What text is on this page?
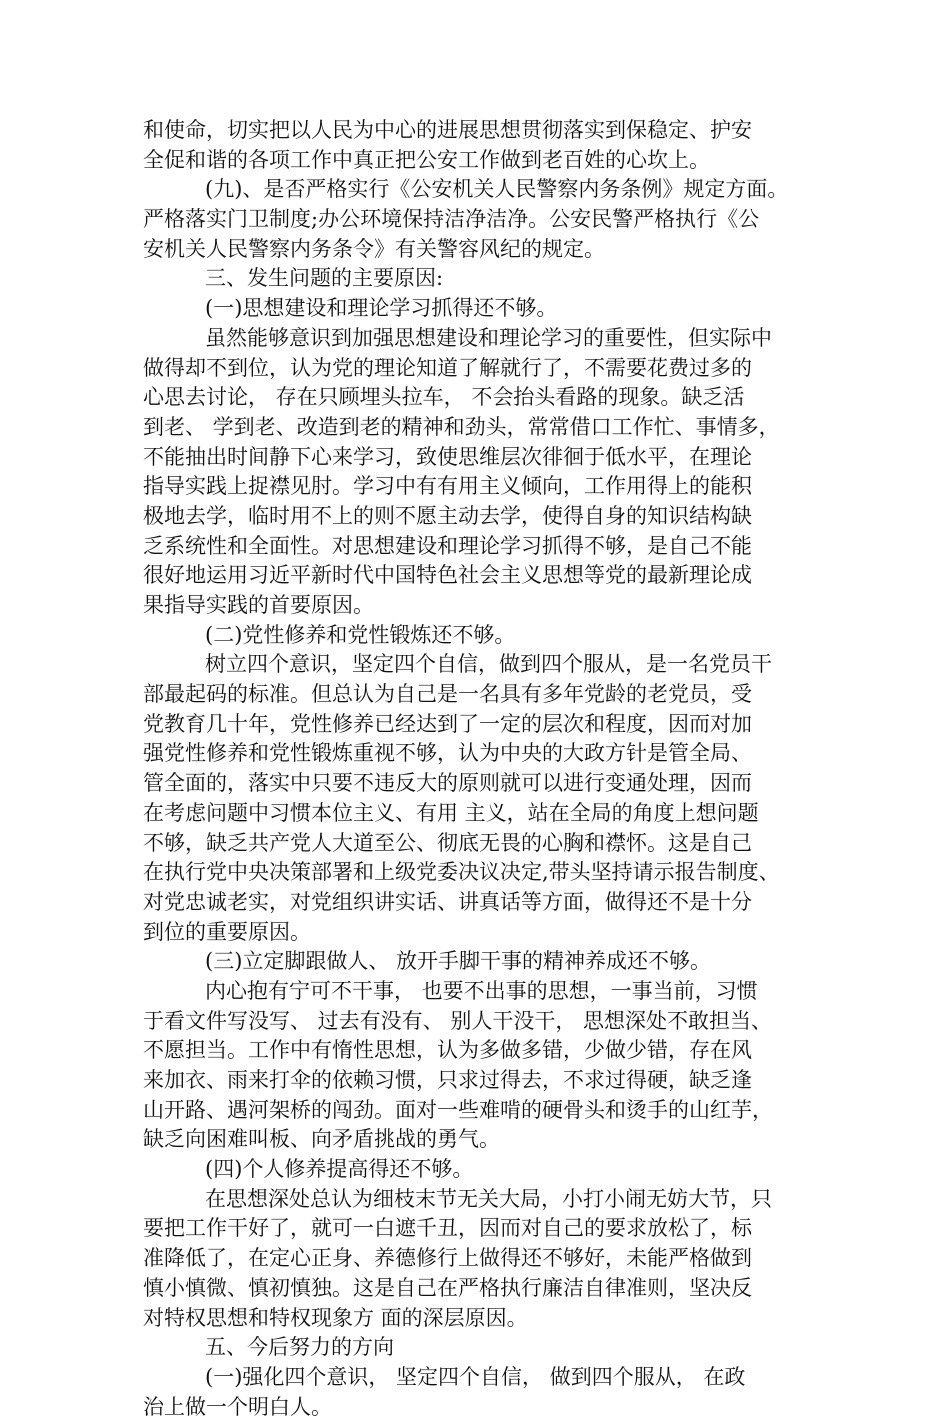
和使命，切实把以人民为中心的进展思想贯彻落实到保稳定、护安
全促和谐的各项工作中真正把公安工作做到老百姓的心坎上。
(九)、是否严格实行《公安机关人民警察内务条例》规定方面。
严格落实门卫制度;办公环境保持洁净洁净。公安民警严格执行《公
安机关人民警察内务条令》有关警容风纪的规定。
三、发生问题的主要原因:
(一)思想建设和理论学习抓得还不够。
虽然能够意识到加强思想建设和理论学习的重要性，但实际中
做得却不到位，认为党的理论知道了解就行了，不需要花费过多的
心思去讨论， 存在只顾埋头拉车， 不会抬头看路的现象。缺乏活
到老、 学到老、改造到老的精神和劲头，常常借口工作忙、事情多，
不能抽出时间静下心来学习，致使思维层次徘徊于低水平，在理论
指导实践上捉襟见肘。学习中有有用主义倾向，工作用得上的能积
极地去学，临时用不上的则不愿主动去学，使得自身的知识结构缺
乏系统性和全面性。对思想建设和理论学习抓得不够，是自己不能
很好地运用习近平新时代中国特色社会主义思想等党的最新理论成
果指导实践的首要原因。
(二)党性修养和党性锻炼还不够。
树立四个意识，坚定四个自信，做到四个服从，是一名党员干
部最起码的标准。但总认为自己是一名具有多年党龄的老党员，受
党教育几十年，党性修养已经达到了一定的层次和程度，因而对加
强党性修养和党性锻炼重视不够，认为中央的大政方针是管全局、
管全面的，落实中只要不违反大的原则就可以进行变通处理，因而
在考虑问题中习惯本位主义、有用 主义，站在全局的角度上想问题
不够，缺乏共产党人大道至公、彻底无畏的心胸和襟怀。这是自己
在执行党中央决策部署和上级党委决议决定,带头坚持请示报告制度、
对党忠诚老实，对党组织讲实话、讲真话等方面，做得还不是十分
到位的重要原因。
(三)立定脚跟做人、 放开手脚干事的精神养成还不够。
内心抱有宁可不干事， 也要不出事的思想，一事当前，习惯
于看文件写没写、 过去有没有、 别人干没干， 思想深处不敢担当、
不愿担当。工作中有惰性思想，认为多做多错，少做少错，存在风
来加衣、雨来打伞的依赖习惯，只求过得去，不求过得硬，缺乏逢
山开路、遇河架桥的闯劲。面对一些难啃的硬骨头和烫手的山红芋，
缺乏向困难叫板、向矛盾挑战的勇气。
(四)个人修养提高得还不够。
在思想深处总认为细枝末节无关大局，小打小闹无妨大节，只
要把工作干好了，就可一白遮千丑，因而对自己的要求放松了，标
准降低了，在定心正身、养德修行上做得还不够好，未能严格做到
慎小慎微、慎初慎独。这是自己在严格执行廉洁自律准则，坚决反
对特权思想和特权现象方 面的深层原因。
五、今后努力的方向
(一)强化四个意识， 坚定四个自信， 做到四个服从， 在政
治上做一个明白人。
